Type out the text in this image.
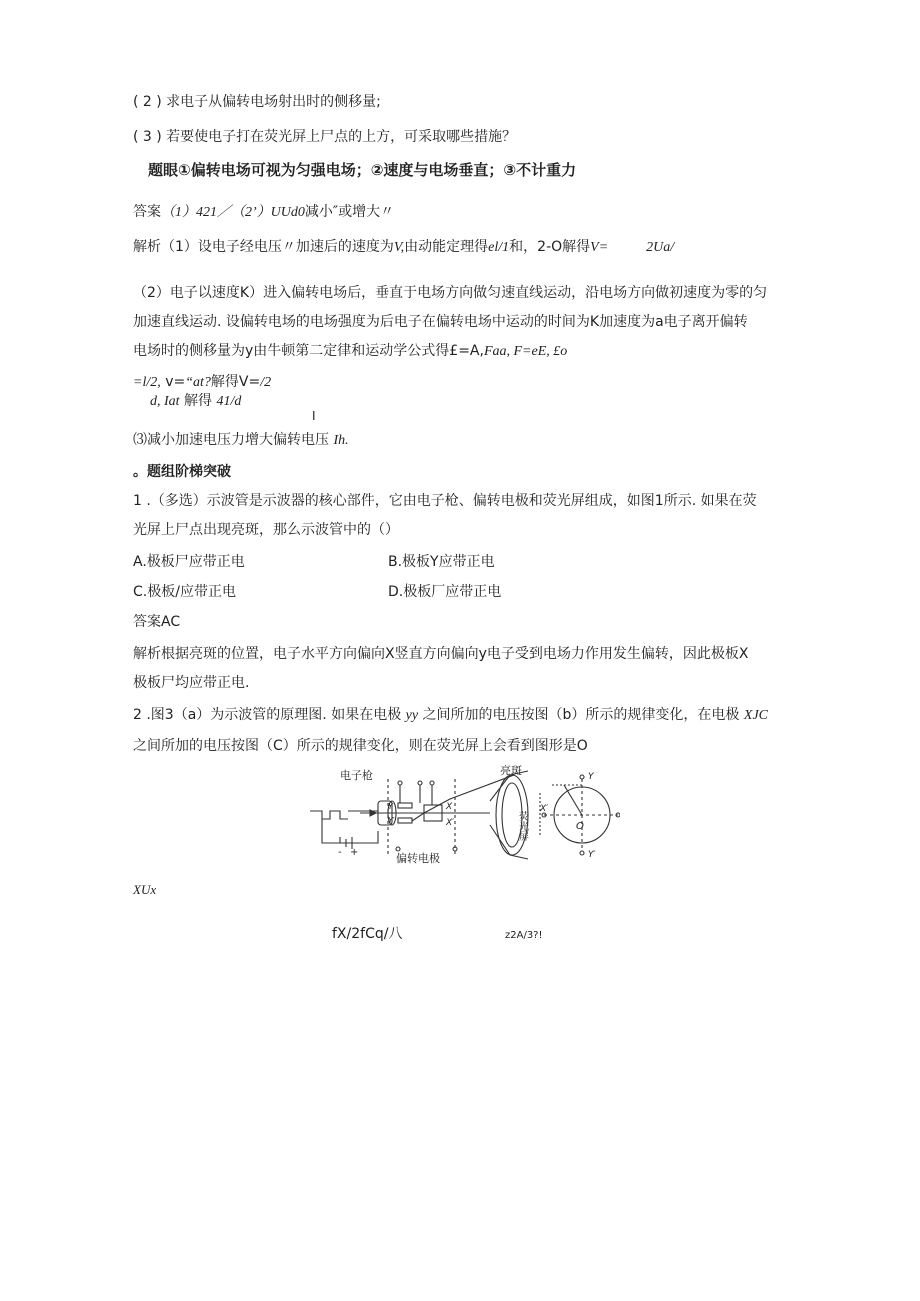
( 2 ) 求电子从偏转电场射出时的侧移量;
( 3 ) 若要使电子打在荧光屏上尸点的上方，可采取哪些措施？
题眼①偏转电场可视为匀强电场；②速度与电场垂直；③不计重力
答案（1）421／（2’）UUd0减小″或增大〃
解析（1）设电子经电压〃加速后的速度为V,由动能定理得el/1和，2-O解得V=	2Ua/
（2）电子以速度K）进入偏转电场后，垂直于电场方向做匀速直线运动，沿电场方向做初速度为零的匀
加速直线运动. 设偏转电场的电场强度为后电子在偏转电场中运动的时间为K加速度为a电子离开偏转
电场时的侧移量为y由牛顿第二定律和运动学公式得£=A,Faa, F=eE, £o
=l/2, v=“at?解得V=/2
d, Iat 解得 41/d
I
⑶减小加速电压力增大偏转电压 Ih.
。题组阶梯突破
1 .（多选）示波管是示波器的核心部件，它由电子枪、偏转电极和荧光屏组成，如图1所示. 如果在荧
光屏上尸点出现亮斑，那么示波管中的（）
A.极板尸应带正电	B.极板Y应带正电
C.极板/应带正电	D.极板厂应带正电
答案AC
解析根据亮斑的位置，电子水平方向偏向X竖直方向偏向y电子受到电场力作用发生偏转，因此极板X
极板尸均应带正电.
2 .图3（a）为示波管的原理图. 如果在电极 yy 之间所加的电压按图（b）所示的规律变化，在电极 XJC
之间所加的电压按图（C）所示的规律变化，则在荧光屏上会看到图形是O
电子枪
偏转电极
亮斑
荧光屏
Y
Y′
X′
O
X
X′
Y
Y′
- +
XUx
fX/2fCq/八	z2A/3?!
